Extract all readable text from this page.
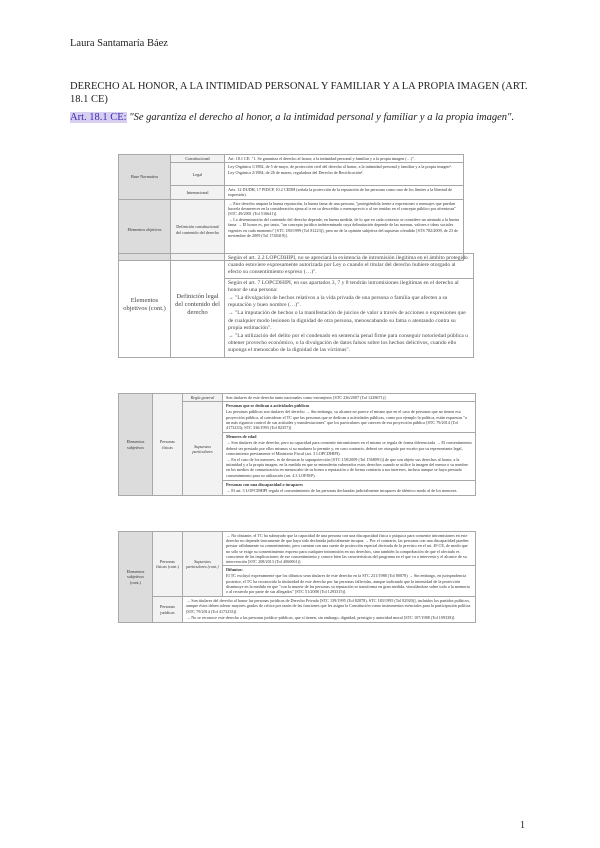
Laura Santamaría Báez
DERECHO AL HONOR, A LA INTIMIDAD PERSONAL Y FAMILIAR Y A LA PROPIA IMAGEN (ART. 18.1 CE)
Art. 18.1 CE: "Se garantiza el derecho al honor, a la intimidad personal y familiar y a la propia imagen".
Base Normativa	Constitucional	Art. 18.1 CE: "1. Se garantiza el derecho al honor, a la intimidad personal y familiar y a la propia imagen (…)".
	Legal	Ley Orgánica 1/1982, de 5 de mayo, de protección civil del derecho al honor, a la intimidad personal y familiar y a la propia imagen¹.

Ley Orgánica 2/1984, de 26 de marzo, reguladora del Derecho de Rectificación².

	Internacional	Arts. 12 DUDH, 17 PIDCP, 10.2 CEDH (señala la protección de la reputación de las personas como uno de los límites a la libertad de expresión).
Elementos objetivos	Definición constitucional del contenido del derecho	→ Este derecho ampara la buena reputación, la buena fama de una persona, "protegiéndola frente a expresiones o mensajes que puedan hacerla desmerecer en la consideración ajena al ir en su descrédito o menosprecio o al ser tenidas en el concepto público por afrentosas" [STC 49/2001 (Tol 516641)].

→ La determinación del contenido del derecho depende, en buena medida, de lo que en cada contexto se considere un atentado a la buena fama → El honor es, por tanto, "un concepto jurídico indeterminado cuya delimitación depende de las normas, valores e ideas sociales vigentes en cada momento" [STC 180/1999 (Tol 81223)], pero no de la opinión subjetiva del supuesto ofendido [STS 782/2009, de 23 de noviembre de 2009 (Tol 1748419)].

Elementos objetivos (cont.)	Definición legal del contenido del derecho	Según el art. 2.2 LOPCDHIPI, no se apreciará la existencia de intromisión ilegítima en el ámbito protegido cuando estuviere expresamente autorizada por Ley o cuando el titular del derecho hubiere otorgado al efecto su consentimiento expreso (…)".

Según el art. 7 LOPCDHIPI, en sus apartados 3, 7 y 8 tendrán intromisiones ilegítimas en el derecho al honor de una persona:

→ "La divulgación de hechos relativos a la vida privada de una persona o familia que afecten a su reputación y buen nombre (…)".

→ "La imputación de hechos o la manifestación de juicios de valor a través de acciones o expresiones que de cualquier modo lesionen la dignidad de otra persona, menoscabando su fama o atentando contra su propia estimación".

→ "La utilización del delito por el condenado en sentencia penal firme para conseguir notoriedad pública u obtener provecho económico, o la divulgación de datos falsos sobre los hechos delictivos, cuando ello suponga el menoscabo de la dignidad de las víctimas".

Elementos subjetivos	Personas físicas	Regla general	Son titulares de este derecho tanto nacionales como extranjeros [STC 236/2007 (Tol 1228671)].
		Supuestos particulares	Personas que se dedican a actividades públicas

Las personas públicas son titulares del derecho → Sin embargo, su alcance no parece el mismo que en el caso de personas que no tienen esa proyección pública, al considerar el TC que las personas que se dedican a actividades públicas, como por ejemplo la política, están expuestas "a un más riguroso control de sus actitudes y manifestaciones" que los particulares que carecen de esa proyección pública [STC 79/2014 (Tol 4173233); STC 336/1993 (Tol 82357)].

			Menores de edad

→ Son titulares de este derecho, pero su capacidad para consentir intromisiones en el mismo se regula de forma diferenciada → El consentimiento deberá ser prestado por ellos mismos si su madurez lo permite y, en caso contrario, deberá ser otorgado por escrito por su representante legal, conocimiento previamente el Ministerio Fiscal (art. 3 LOPCDHIPI).

→ En el caso de los menores, es de destacar la suprapotección [STC 158/2009 (Tol 1568091)] de que son objeto sus derechos al honor, a la intimidad y a la propia imagen, en la medida en que se entenderán vulnerados estos derechos cuando se utilice la imagen del menor o su nombre en los medios de comunicación en menoscabo de su honra o reputación o de forma contraria a sus intereses, incluso aunque se haya prestado consentimiento para su utilización (art. 4.3 LOPJM³).

			Personas con una discapacidad o incapaces

→ El art. 3 LOPCDHIPI regula el consentimiento de las personas declaradas judicialmente incapaces de idéntico modo al de los menores.

Elementos subjetivos (cont.)	Personas físicas (cont.)	Supuestos particulares (cont.)	→ No obstante, el TC ha subrayado que la capacidad de una persona con una discapacidad física o psíquica para consentir intromisiones en este derecho no depende únicamente de que haya sido declarada judicialmente incapaz → Por el contrario, las personas con una discapacidad pueden prestar válidamente su consentimiento, pero cuentan con una suerte de protección especial derivada de lo previsto en el art. 49 CE, de modo que no sólo se exige su consentimiento expreso para cualquier intromisión en sus derechos, sino también la comprobación de que el afectado es consciente de las implicaciones de ese consentimiento y conoce bien las características del programa en el que va a intervenir y el alcance de su intervención [STC 208/2013 (Tol 4060061)].

			Difuntos:

El TC excluyó expresamente que los difuntos sean titulares de este derecho en la STC 231/1988 (Tol 80078) → Sin embargo, en jurisprudencia posterior, el TC ha reconocido la titularidad de este derecho por las personas fallecidas, aunque indicando que la intensidad de la protección disminuye en la medida en que "con la muerte de las personas su reputación se transforma en gran medida, vinculándose sobre todo a la memoria o al recuerdo por parte de sus allegados" [STC 51/2008 (Tol 1293315)].

	Personas jurídicas	→ Son titulares del derecho al honor las personas jurídicas de Derecho Privado [STC 139/1995 (Tol 82878), STC 183/1995 (Tol 82920)], incluidos los partidos políticos, aunque éstos deben tolerar mayores grados de crítica por razón de las funciones que les asigna la Constitución como instrumentos esenciales para la participación política [STC 79/2014 (Tol 4173233)].

→ No se reconoce este derecho a las personas jurídico-públicas, que sí tienen, sin embargo, dignidad, prestigio y autoridad moral [STC 107/1988 (Tol 109338)].	

1
